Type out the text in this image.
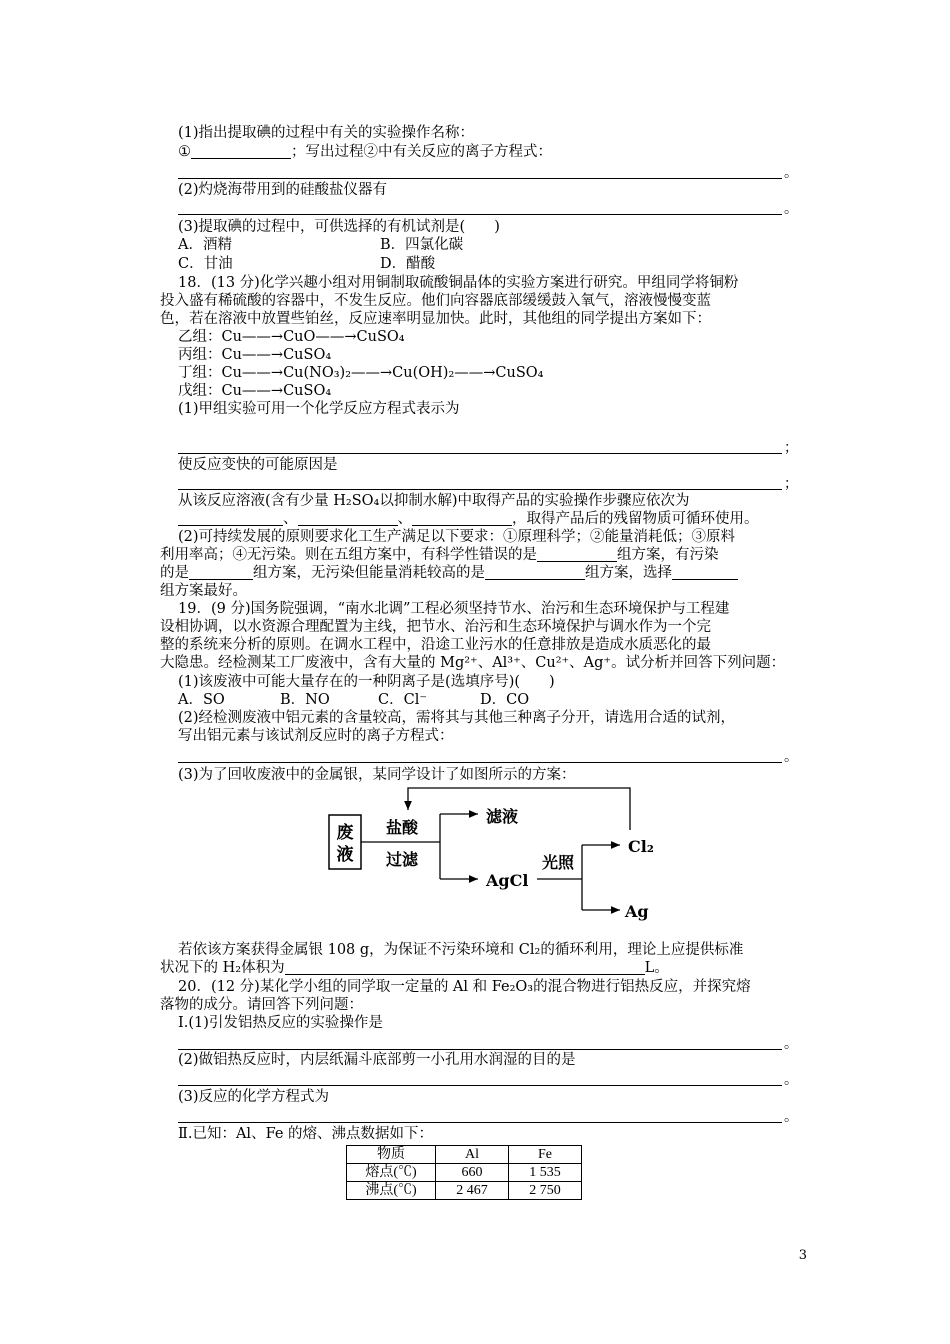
(1)指出提取碘的过程中有关的实验操作名称：
①	；写出过程②中有关反应的离子方程式：
。
(2)灼烧海带用到的硅酸盐仪器有
。
(3)提取碘的过程中，可供选择的有机试剂是(　　)
A．酒精	B．四氯化碳
C．甘油	D．醋酸
18．(13 分)化学兴趣小组对用铜制取硫酸铜晶体的实验方案进行研究。甲组同学将铜粉
投入盛有稀硫酸的容器中，不发生反应。他们向容器底部缓缓鼓入氧气，溶液慢慢变蓝
色，若在溶液中放置些铂丝，反应速率明显加快。此时，其他组的同学提出方案如下：
乙组：Cu——→CuO——→CuSO₄
丙组：Cu——→CuSO₄
丁组：Cu——→Cu(NO₃)₂——→Cu(OH)₂——→CuSO₄
戊组：Cu——→CuSO₄
(1)甲组实验可用一个化学反应方程式表示为
；
使反应变快的可能原因是
；
从该反应溶液(含有少量 H₂SO₄以抑制水解)中取得产品的实验操作步骤应依次为
、	、	，取得产品后的残留物质可循环使用。
(2)可持续发展的原则要求化工生产满足以下要求：①原理科学；②能量消耗低；③原料
利用率高；④无污染。则在五组方案中，有科学性错误的是	组方案，有污染
的是	组方案，无污染但能量消耗较高的是	组方案，选择
组方案最好。
19．(9 分)国务院强调，“南水北调”工程必须坚持节水、治污和生态环境保护与工程建
设相协调，以水资源合理配置为主线，把节水、治污和生态环境保护与调水作为一个完
整的系统来分析的原则。在调水工程中，沿途工业污水的任意排放是造成水质恶化的最
大隐患。经检测某工厂废液中，含有大量的 Mg²⁺、Al³⁺、Cu²⁺、Ag⁺。试分析并回答下列问题：
(1)该废液中可能大量存在的一种阴离子是(选填序号)(　　)
A．SO	B．NO	C．Cl⁻	D．CO
(2)经检测废液中铝元素的含量较高，需将其与其他三种离子分开，请选用合适的试剂，
写出铝元素与该试剂反应时的离子方程式：
。
(3)为了回收废液中的金属银，某同学设计了如图所示的方案：
废
液
盐酸
过滤
滤液
AgCl
光照
Cl₂
Ag
若依该方案获得金属银 108 g，为保证不污染环境和 Cl₂的循环利用，理论上应提供标准
状况下的 H₂体积为	L。
20．(12 分)某化学小组的同学取一定量的 Al 和 Fe₂O₃的混合物进行铝热反应，并探究熔
落物的成分。请回答下列问题：
Ⅰ.(1)引发铝热反应的实验操作是
。
(2)做铝热反应时，内层纸漏斗底部剪一小孔用水润湿的目的是
。
(3)反应的化学方程式为
。
Ⅱ.已知：Al、Fe 的熔、沸点数据如下：
物质	Al	Fe
熔点(℃)	660	1 535
沸点(℃)	2 467	2 750
3
